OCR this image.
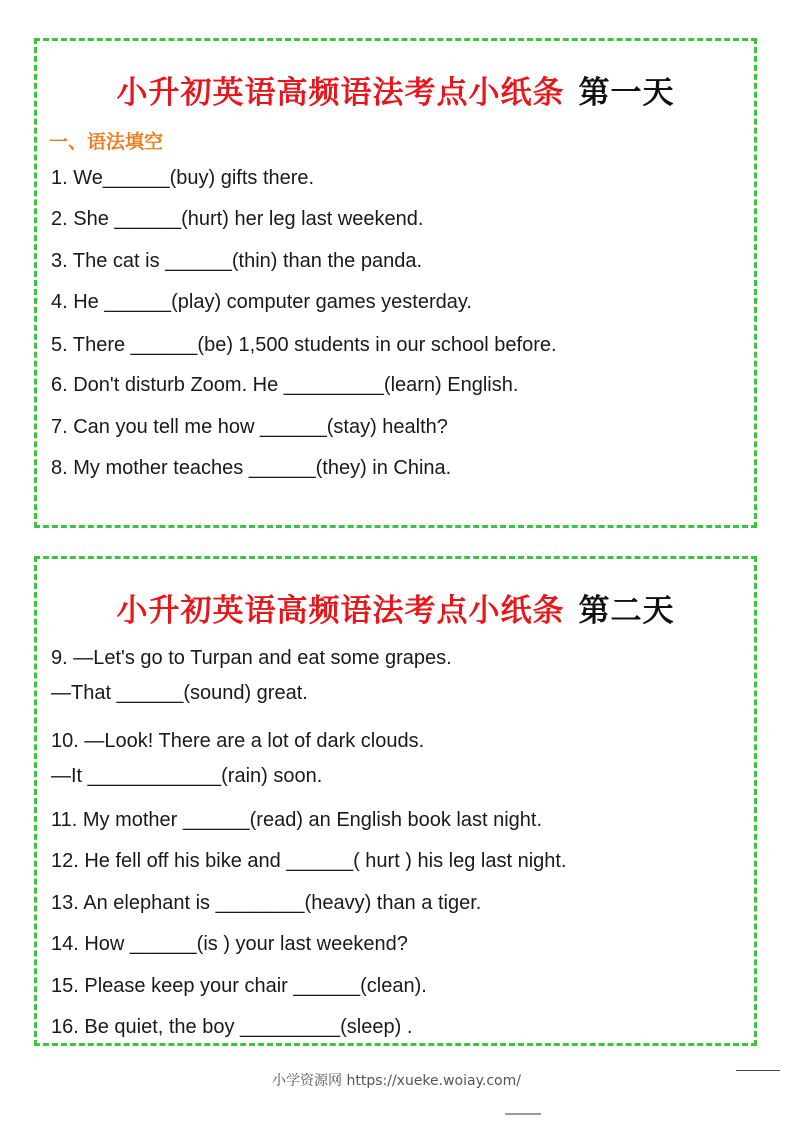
小升初英语高频语法考点小纸条 第一天
一、语法填空
1. We______(buy) gifts there.
2. She ______(hurt) her leg last weekend.
3. The cat is ______(thin) than the panda.
4. He ______(play) computer games yesterday.
5. There ______(be) 1,500 students in our school before.
6. Don't disturb Zoom. He _________(learn) English.
7. Can you tell me how ______(stay) health?
8. My mother teaches ______(they) in China.
小升初英语高频语法考点小纸条 第二天
9. —Let's go to Turpan and eat some grapes.
—That ______(sound) great.
10. —Look! There are a lot of dark clouds.
—It ____________(rain) soon.
11. My mother ______(read) an English book last night.
12. He fell off his bike and ______( hurt ) his leg last night.
13. An elephant is ________(heavy) than a tiger.
14. How ______(is ) your last weekend?
15. Please keep your chair ______(clean).
16. Be quiet, the boy _________(sleep) .
小学资源网 https://xueke.woiay.com/
